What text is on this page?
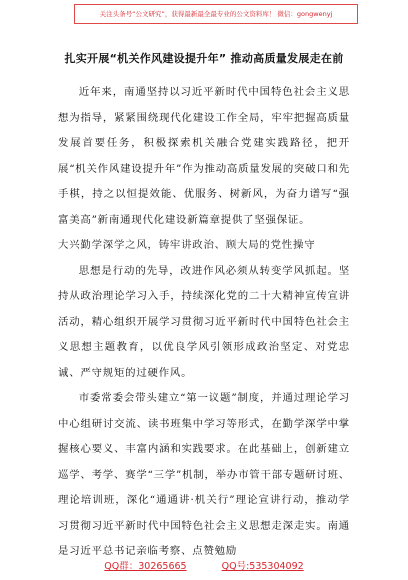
关注头条号“公文研究”，获得最新最全最专业的公文资料库！ 微信：gongwenyj
扎实开展“机关作风建设提升年” 推动高质量发展走在前

近年来，南通坚持以习近平新时代中国特色社会主义思想为指导，紧紧围绕现代化建设工作全局，牢牢把握高质量发展首要任务，积极探索机关融合党建实践路径，把开展“机关作风建设提升年”作为推动高质量发展的突破口和先手棋，持之以恒提效能、优服务、树新风，为奋力谱写“强富美高”新南通现代化建设新篇章提供了坚强保证。

大兴勤学深学之风，铸牢讲政治、顾大局的党性操守

思想是行动的先导，改进作风必须从转变学风抓起。坚持从政治理论学习入手，持续深化党的二十大精神宣传宣讲活动，精心组织开展学习贯彻习近平新时代中国特色社会主义思想主题教育，以优良学风引领形成政治坚定、对党忠诚、严守规矩的过硬作风。

市委常委会带头建立“第一议题”制度，并通过理论学习中心组研讨交流、读书班集中学习等形式，在勤学深学中掌握核心要义、丰富内涵和实践要求。在此基础上，创新建立巡学、考学、赛学“三学”机制，举办市管干部专题研讨班、理论培训班，深化“通通讲·机关行”理论宣讲行动，推动学习贯彻习近平新时代中国特色社会主义思想走深走实。南通是习近平总书记亲临考察、点赞勉励

QQ群：30265665	QQ号:535304092
